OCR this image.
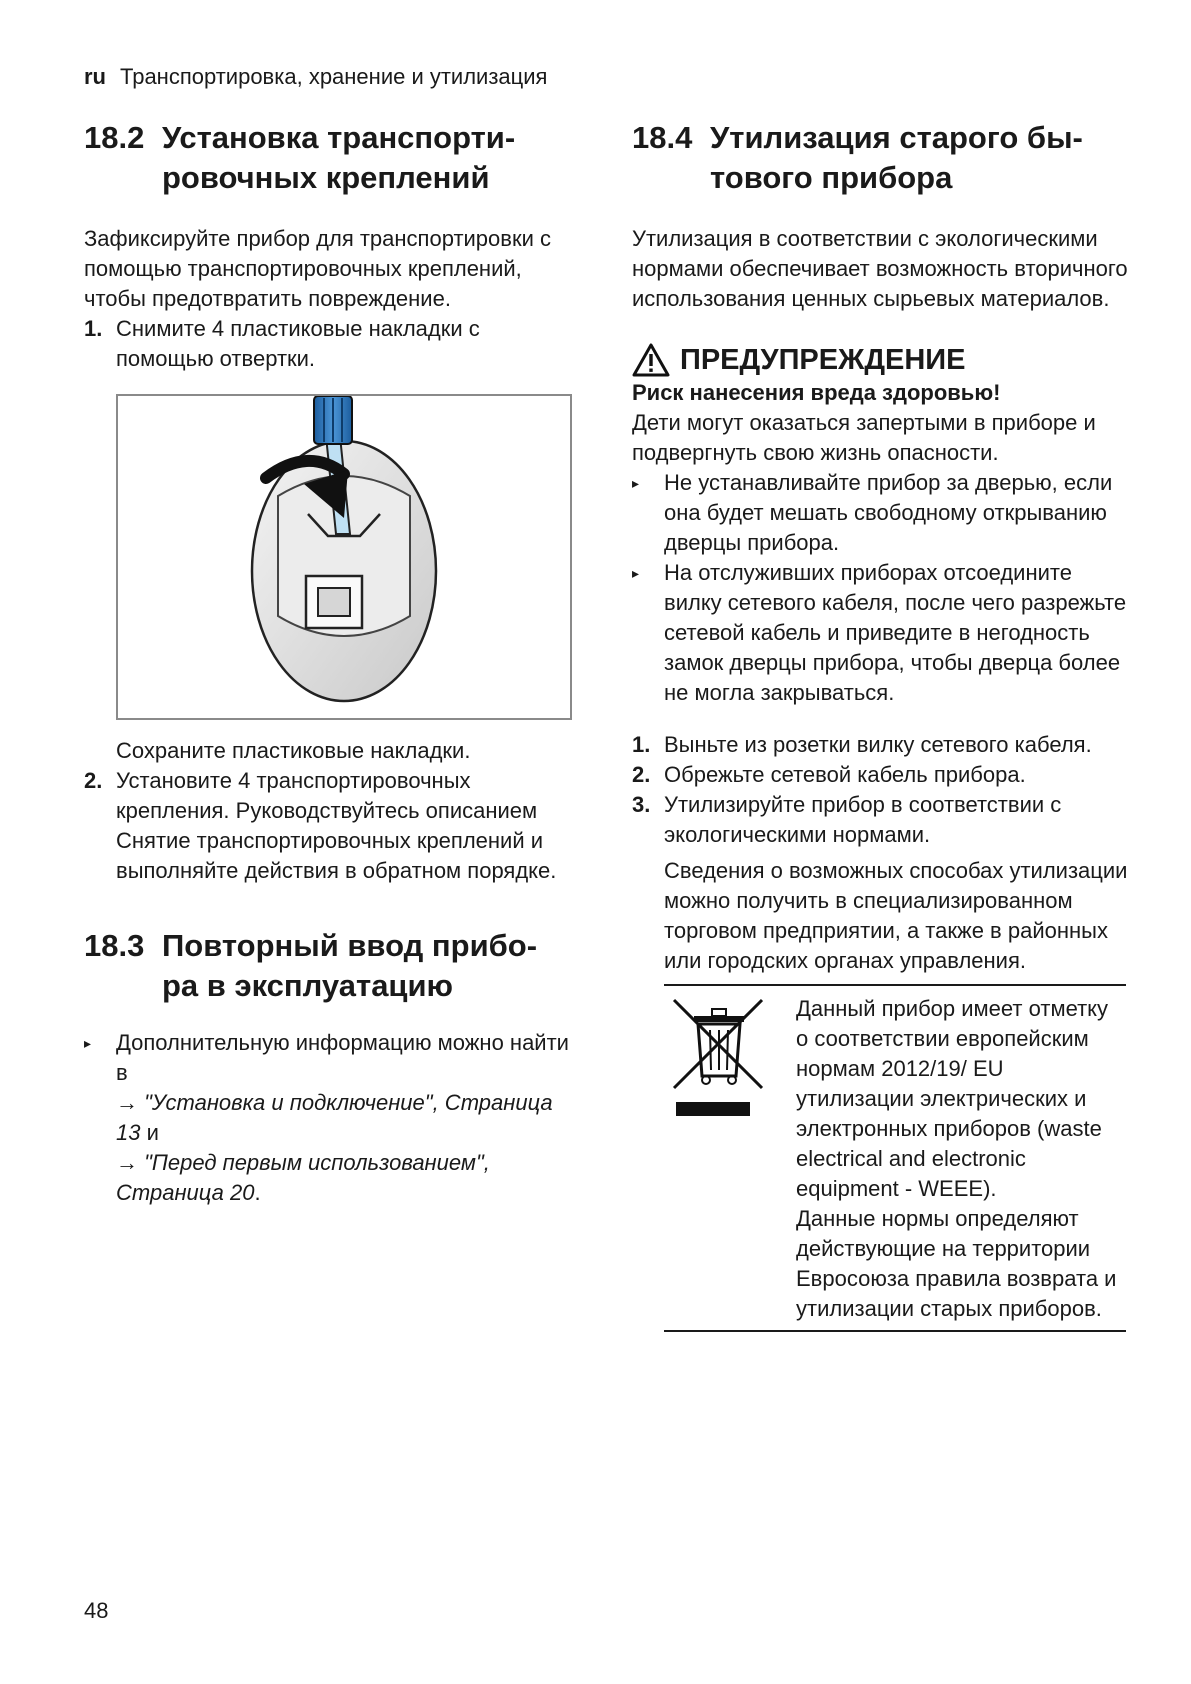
ru Транспортировка, хранение и утилизация
18.2 Установка транспорти-
ровочных креплений

Зафиксируйте прибор для транспортировки с помощью транспортировочных креплений, чтобы предотвратить повреждение.

1. Снимите 4 пластиковые накладки с помощью отвертки.

Сохраните пластиковые накладки.

2. Установите 4 транспортировочных крепления. Руководствуйтесь описанием Снятие транспортировочных креплений и выполняйте действия в обратном порядке.
18.3 Повторный ввод прибо-
ра в эксплуатацию
▸	Дополнительную информацию можно найти в
→ "Установка и подключение", Страница 13 и
→ "Перед первым использованием", Страница 20.
18.4 Утилизация старого бы-
тового прибора

Утилизация в соответствии с экологическими нормами обеспечивает возможность вторичного использования ценных сырьевых материалов.

ПРЕДУПРЕЖДЕНИЕ
Риск нанесения вреда здоровью!

Дети могут оказаться запертыми в приборе и подвергнуть свою жизнь опасности.

▸	Не устанавливайте прибор за дверью, если она будет мешать свободному открыванию дверцы прибора.
▸	На отслуживших приборах отсоедините вилку сетевого кабеля, после чего разрежьте сетевой кабель и приведите в негодность замок дверцы прибора, чтобы дверца более не могла закрываться.
1. Выньте из розетки вилку сетевого кабеля.
2. Обрежьте сетевой кабель прибора.
3. Утилизируйте прибор в соответствии с экологическими нормами.

Сведения о возможных способах утилизации можно получить в специализированном торговом предприятии, а также в районных или городских органах управления.

Данный прибор имеет отметку о соответствии европейским нормам 2012/19/ EU утилизации электрических и электронных приборов (waste electrical and electronic equipment - WEEE).
Данные нормы определяют действующие на территории Евросоюза правила возврата и утилизации старых приборов.
48
